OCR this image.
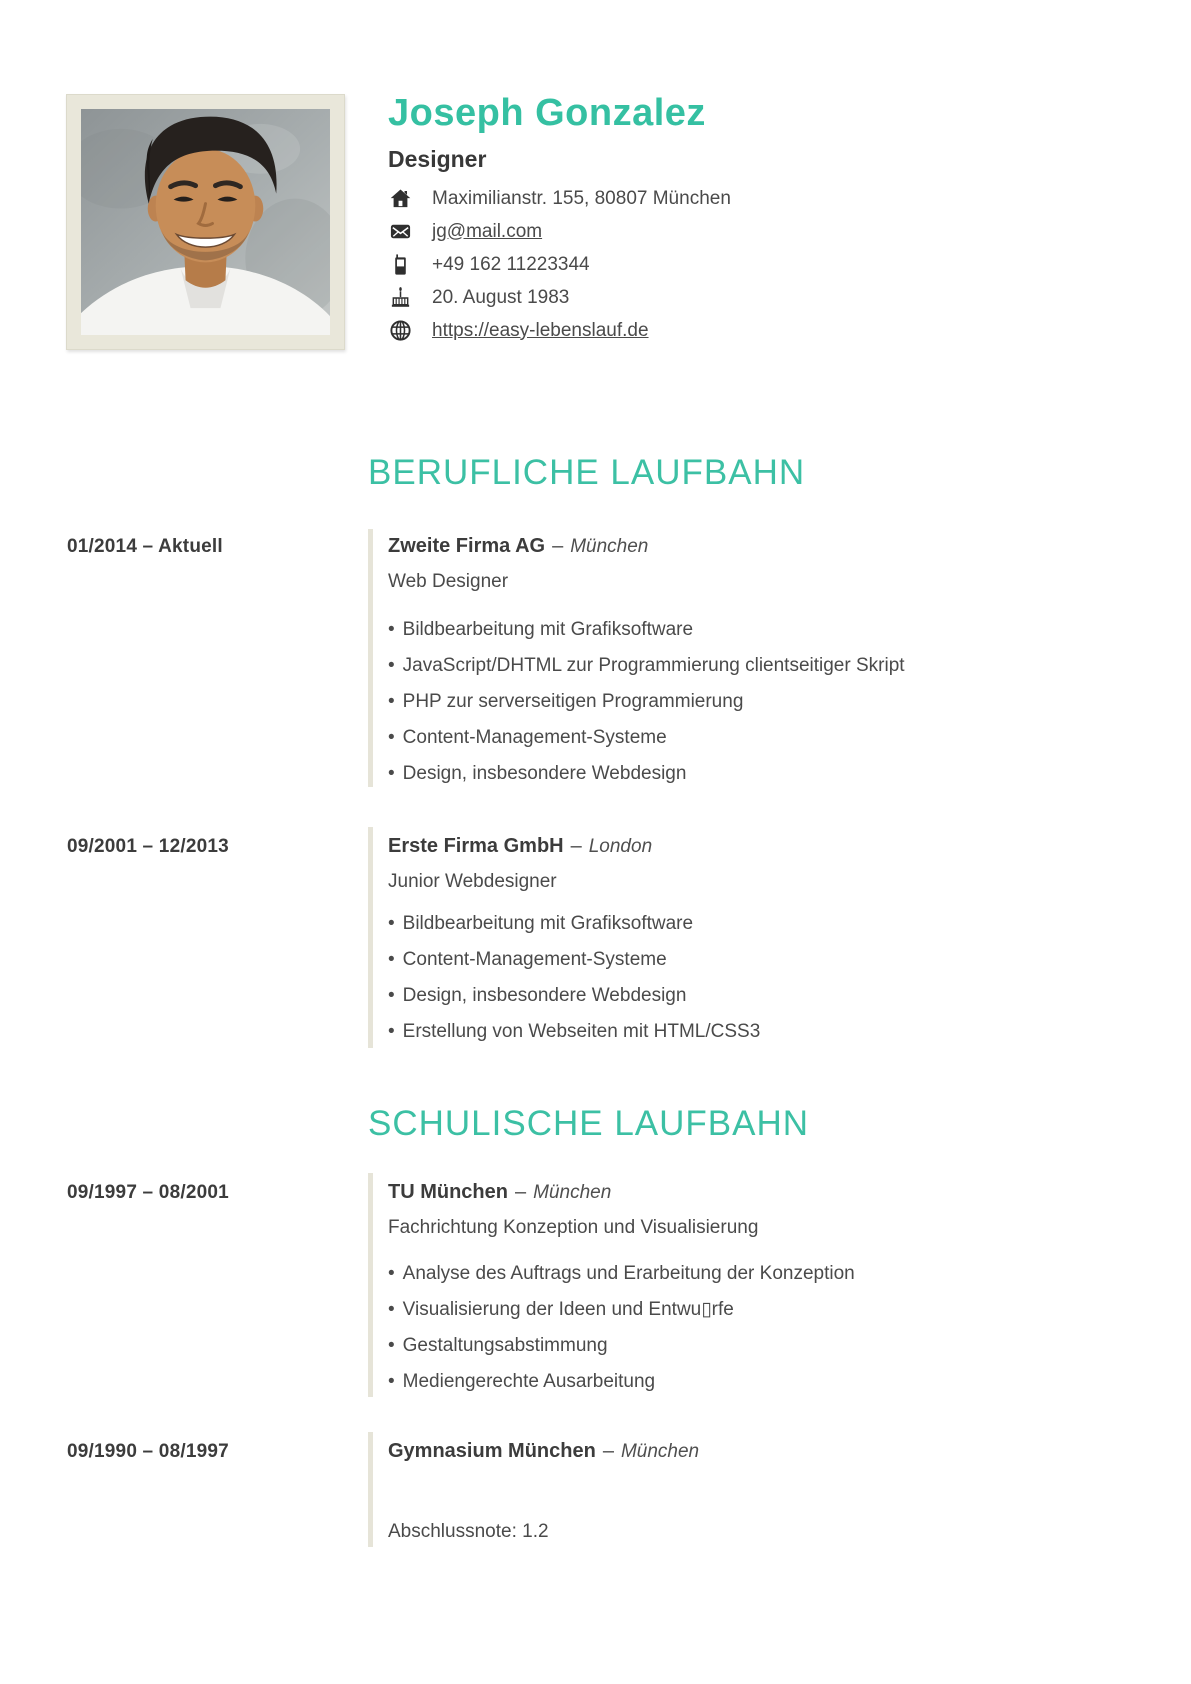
Joseph Gonzalez
Designer
Maximilianstr. 155, 80807 München
jg@mail.com
+49 162 11223344
20. August 1983
https://easy-lebenslauf.de
BERUFLICHE LAUFBAHN
01/2014 – Aktuell	Zweite Firma AG – München
Web Designer
• Bildbearbeitung mit Grafiksoftware
• JavaScript/DHTML zur Programmierung clientseitiger Skript
• PHP zur serverseitigen Programmierung
• Content-Management-Systeme
• Design, insbesondere Webdesign
09/2001 – 12/2013	Erste Firma GmbH – London
Junior Webdesigner
• Bildbearbeitung mit Grafiksoftware
• Content-Management-Systeme
• Design, insbesondere Webdesign
• Erstellung von Webseiten mit HTML/CSS3
SCHULISCHE LAUFBAHN
09/1997 – 08/2001	TU München – München
Fachrichtung Konzeption und Visualisierung
• Analyse des Auftrags und Erarbeitung der Konzeption
• Visualisierung der Ideen und Entwu▯rfe
• Gestaltungsabstimmung
• Mediengerechte Ausarbeitung
09/1990 – 08/1997	Gymnasium München – München
Abschlussnote: 1.2
